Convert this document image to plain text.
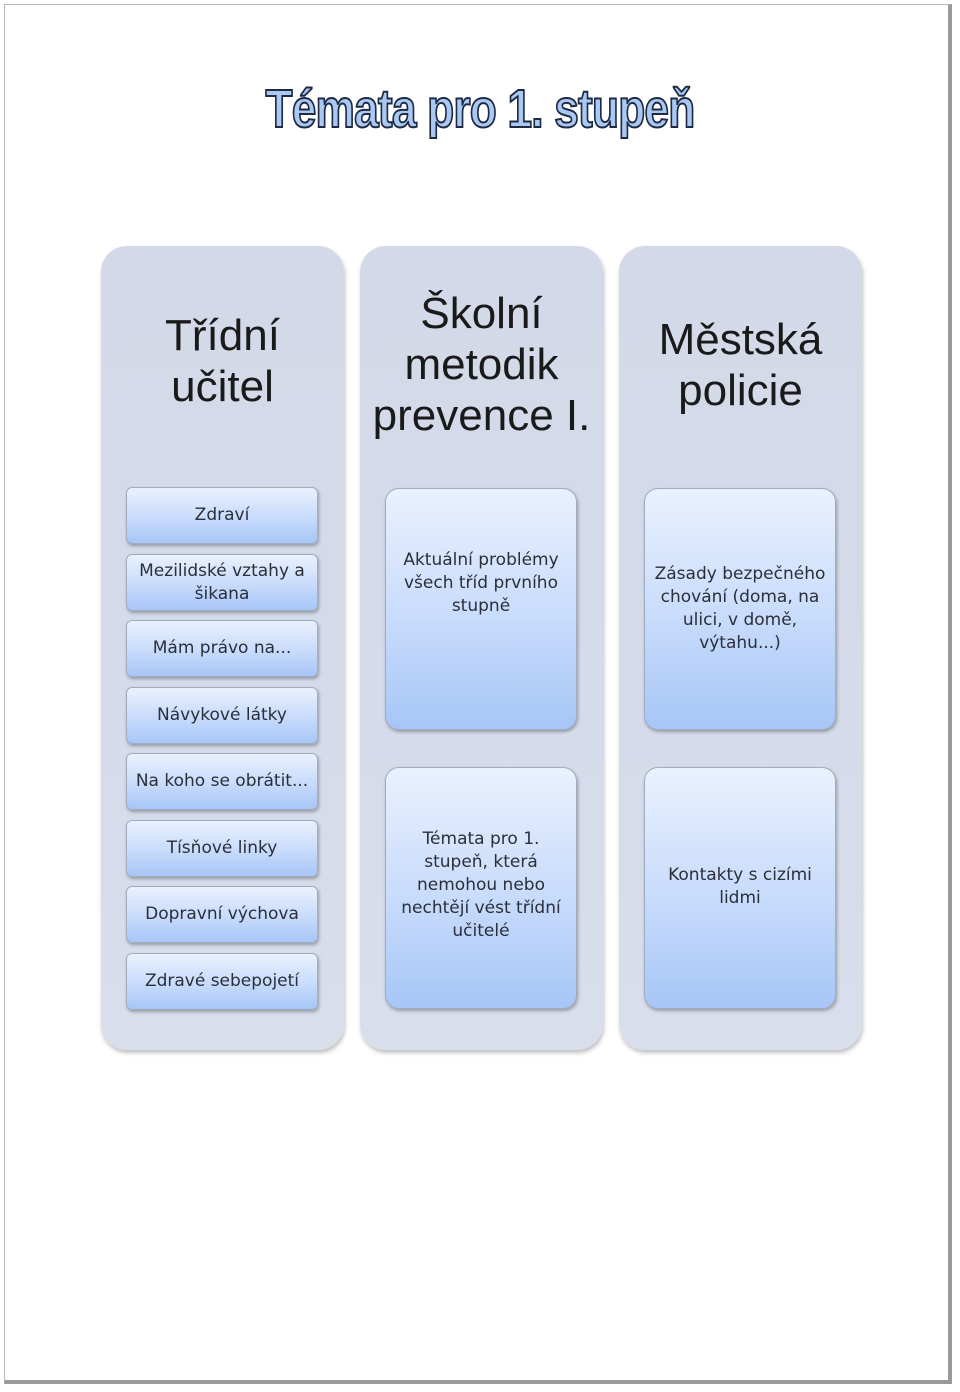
Témata pro 1. stupeň
Třídní
učitel
Školní
metodik
prevence I.
Městská
policie
Zdraví
Mezilidské vztahy a šikana
Mám právo na...
Návykové látky
Na koho se obrátit...
Tísňové linky
Dopravní výchova
Zdravé sebepojetí
Aktuální problémy
všech tříd prvního
stupně
Témata pro 1.
stupeň, která
nemohou nebo
nechtějí vést třídní
učitelé
Zásady bezpečného
chování (doma, na
ulici, v domě,
výtahu...)
Kontakty s cizími
lidmi
